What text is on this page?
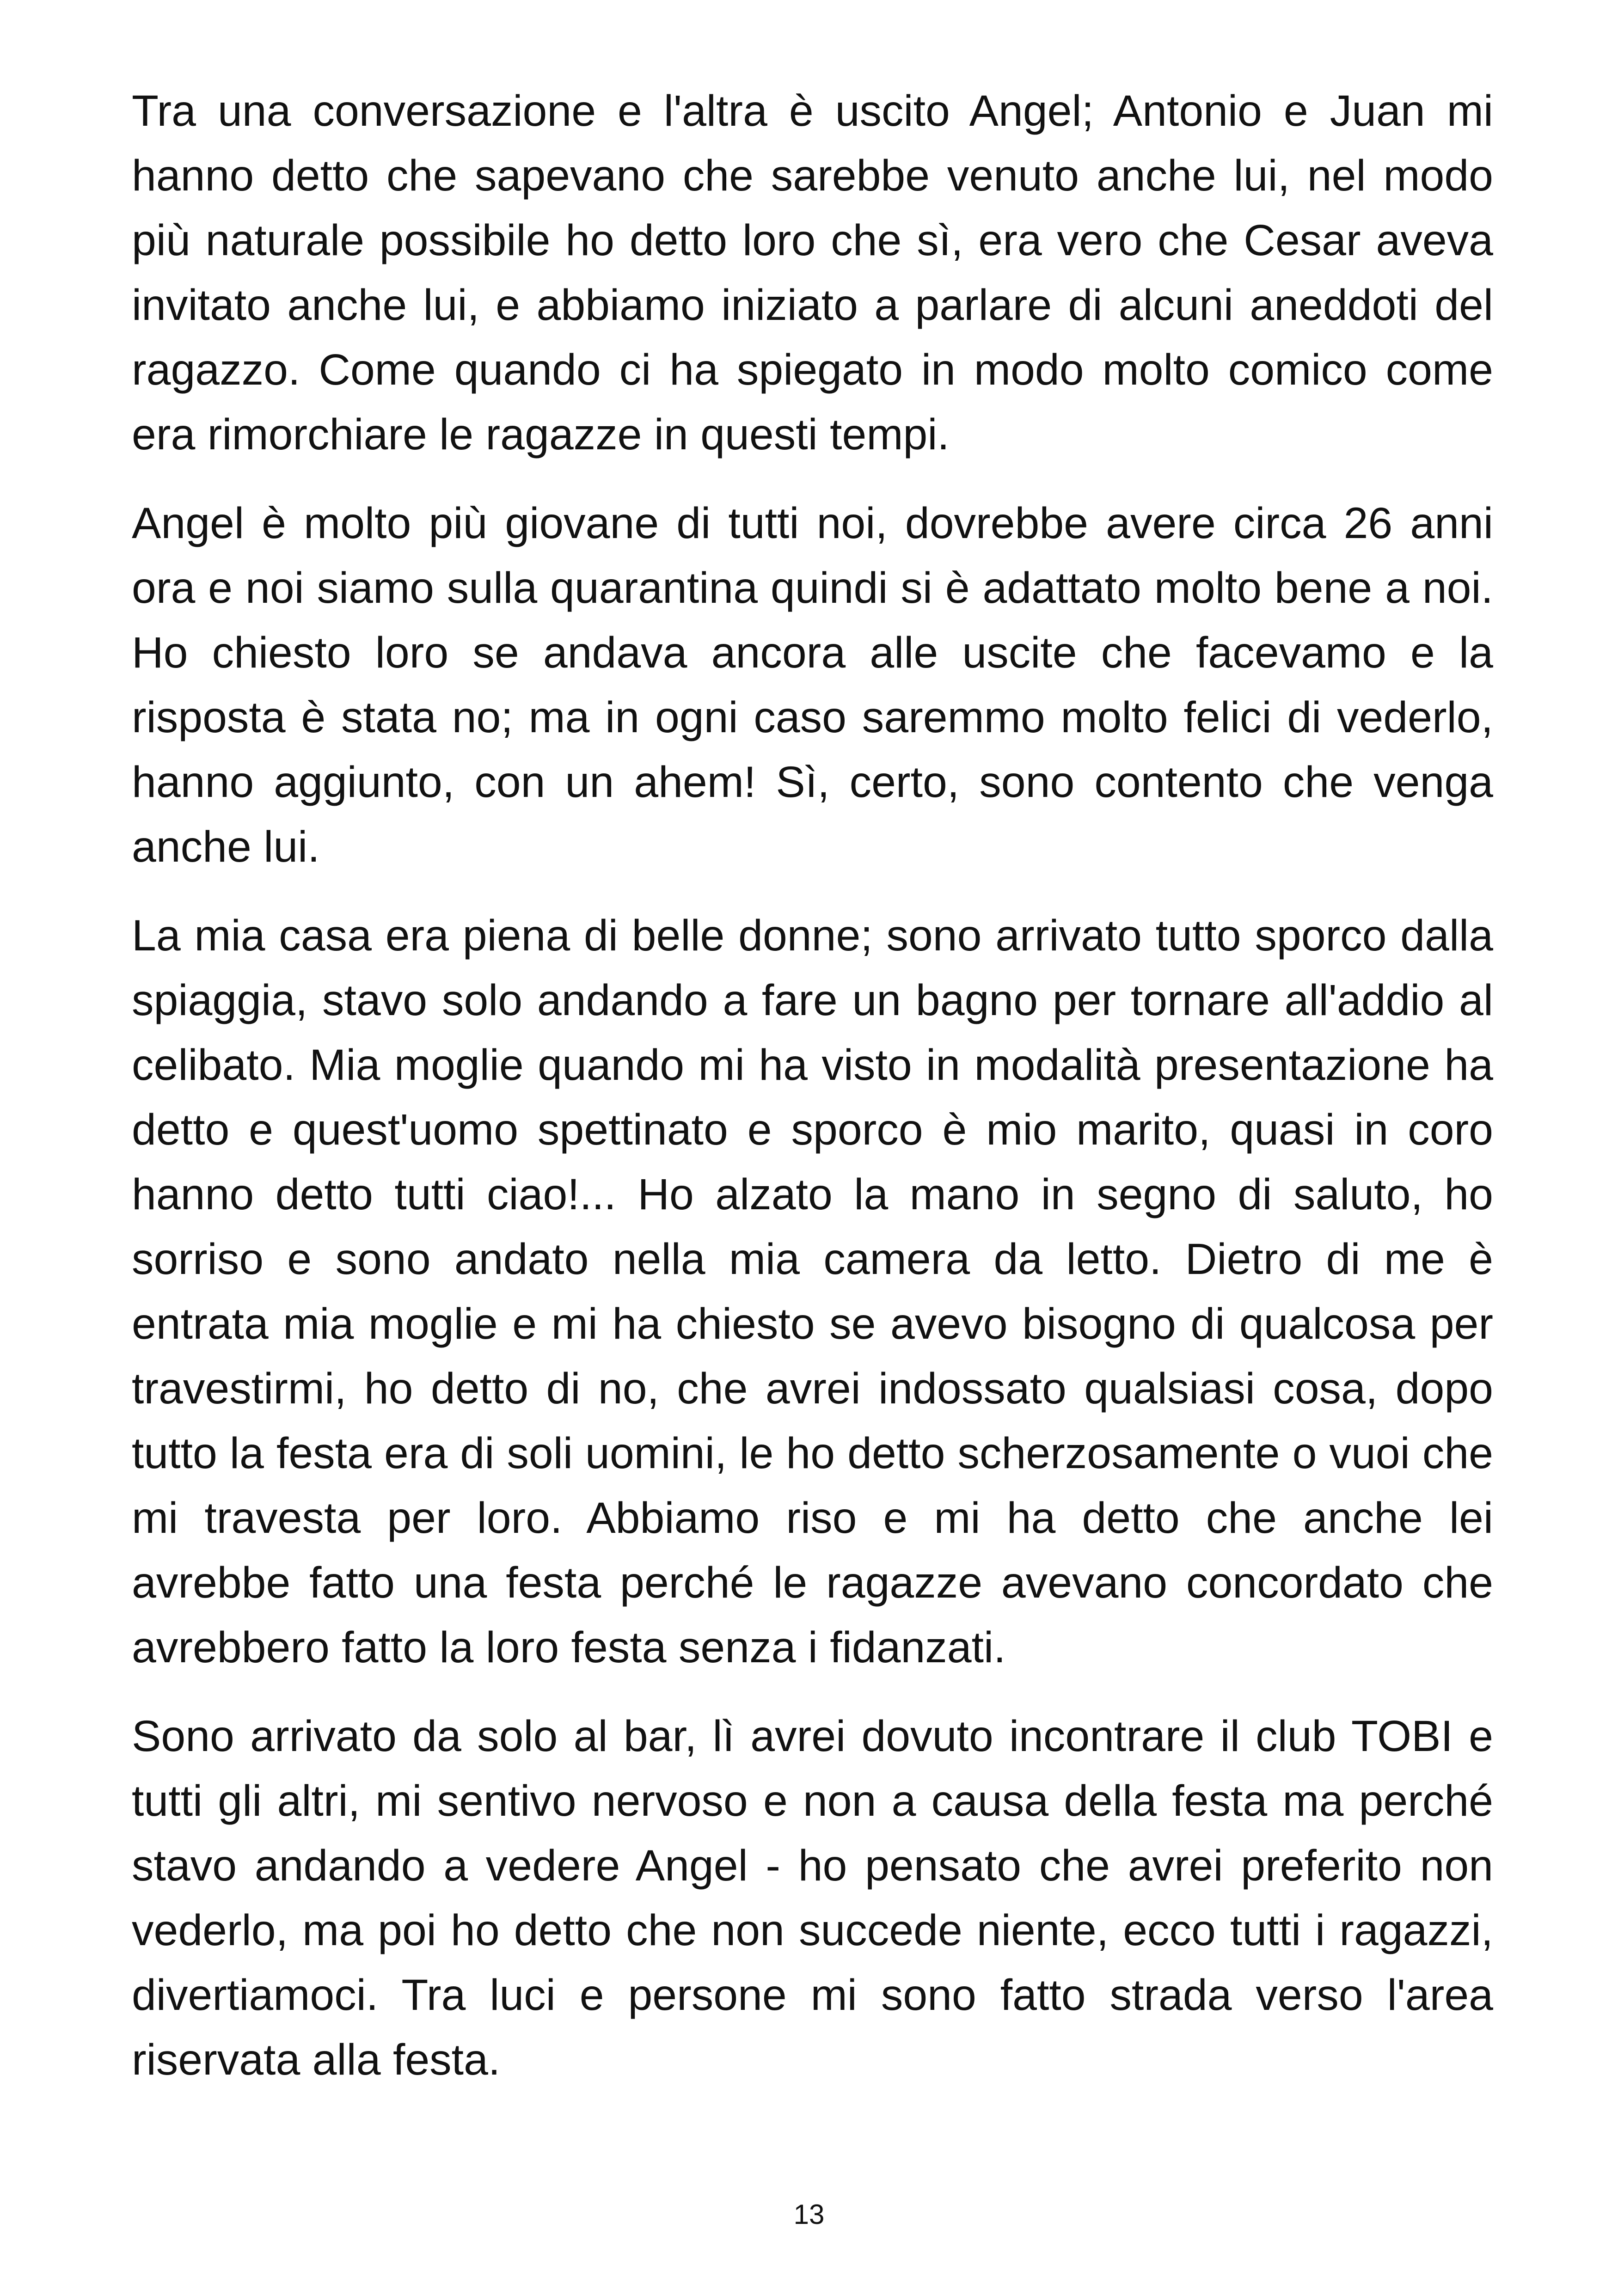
Tra una conversazione e l'altra è uscito Angel; Antonio e Juan mi hanno detto che sapevano che sarebbe venuto anche lui, nel modo più naturale possibile ho detto loro che sì, era vero che Cesar aveva invitato anche lui, e abbiamo iniziato a parlare di alcuni aneddoti del ragazzo. Come quando ci ha spiegato in modo molto comico come era rimorchiare le ragazze in questi tempi.

Angel è molto più giovane di tutti noi, dovrebbe avere circa 26 anni ora e noi siamo sulla quarantina quindi si è adattato molto bene a noi. Ho chiesto loro se andava ancora alle uscite che facevamo e la risposta è stata no; ma in ogni caso saremmo molto felici di vederlo, hanno aggiunto, con un ahem! Sì, certo, sono contento che venga anche lui.

La mia casa era piena di belle donne; sono arrivato tutto sporco dalla spiaggia, stavo solo andando a fare un bagno per tornare all'addio al celibato. Mia moglie quando mi ha visto in modalità presentazione ha detto e quest'uomo spettinato e sporco è mio marito, quasi in coro hanno detto tutti ciao!... Ho alzato la mano in segno di saluto, ho sorriso e sono andato nella mia camera da letto. Dietro di me è entrata mia moglie e mi ha chiesto se avevo bisogno di qualcosa per travestirmi, ho detto di no, che avrei indossato qualsiasi cosa, dopo tutto la festa era di soli uomini, le ho detto scherzosamente o vuoi che mi travesta per loro. Abbiamo riso e mi ha detto che anche lei avrebbe fatto una festa perché le ragazze avevano concordato che avrebbero fatto la loro festa senza i fidanzati.

Sono arrivato da solo al bar, lì avrei dovuto incontrare il club TOBI e tutti gli altri, mi sentivo nervoso e non a causa della festa ma perché stavo andando a vedere Angel - ho pensato che avrei preferito non vederlo, ma poi ho detto che non succede niente, ecco tutti i ragazzi, divertiamoci. Tra luci e persone mi sono fatto strada verso l'area riservata alla festa.

13
